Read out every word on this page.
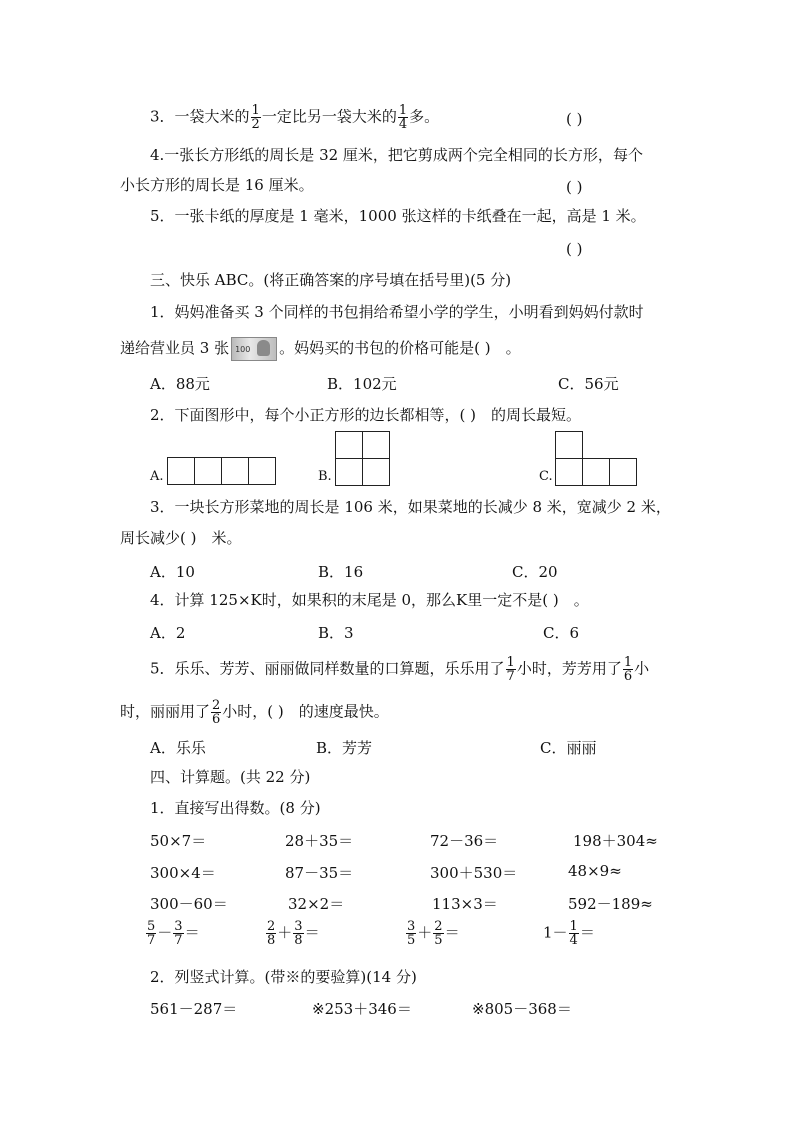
3．一袋大米的 $\frac{1}{2}$ 一定比另一袋大米的 $\frac{1}{4}$ 多。	( )
4.一张长方形纸的周长是 32 厘米，把它剪成两个完全相同的长方形，每个
小长方形的周长是 16 厘米。	( )
5．一张卡纸的厚度是 1 毫米，1000 张这样的卡纸叠在一起，高是 1 米。
( )
三、快乐 ABC。(将正确答案的序号填在括号里)(5 分)
1．妈妈准备买 3 个同样的书包捐给希望小学的学生，小明看到妈妈付款时
递给营业员 3 张 100 。妈妈买的书包的价格可能是( )　。
A．88元	B．102元	C．56元
2．下面图形中，每个小正方形的边长都相等，( )　的周长最短。
A.	B.	C.
3．一块长方形菜地的周长是 106 米，如果菜地的长减少 8 米，宽减少 2 米，
周长减少( )　米。
A．10	B．16	C．20
4．计算 125×K时，如果积的末尾是 0，那么K里一定不是( )　。
A．2	B．3	C．6
5．乐乐、芳芳、丽丽做同样数量的口算题，乐乐用了 $\frac{1}{7}$ 小时，芳芳用了 $\frac{1}{6}$ 小
时，丽丽用了 $\frac{2}{6}$ 小时，( )　的速度最快。
A．乐乐	B．芳芳	C．丽丽
四、计算题。(共 22 分)
1．直接写出得数。(8 分)
50×7＝	28＋35＝	72－36＝	198＋304≈
300×4＝	87－35＝	300＋530＝	48×9≈
300－60＝	32×2＝	113×3＝	592－189≈
$\frac{5}{7} - \frac{3}{7}$ ＝	$\frac{2}{8} + \frac{3}{8}$ ＝	$\frac{3}{5} + \frac{2}{5}$ ＝	$1- \frac{1}{4}$ ＝
2．列竖式计算。(带※的要验算)(14 分)
561－287＝	※253＋346＝	※805－368＝
